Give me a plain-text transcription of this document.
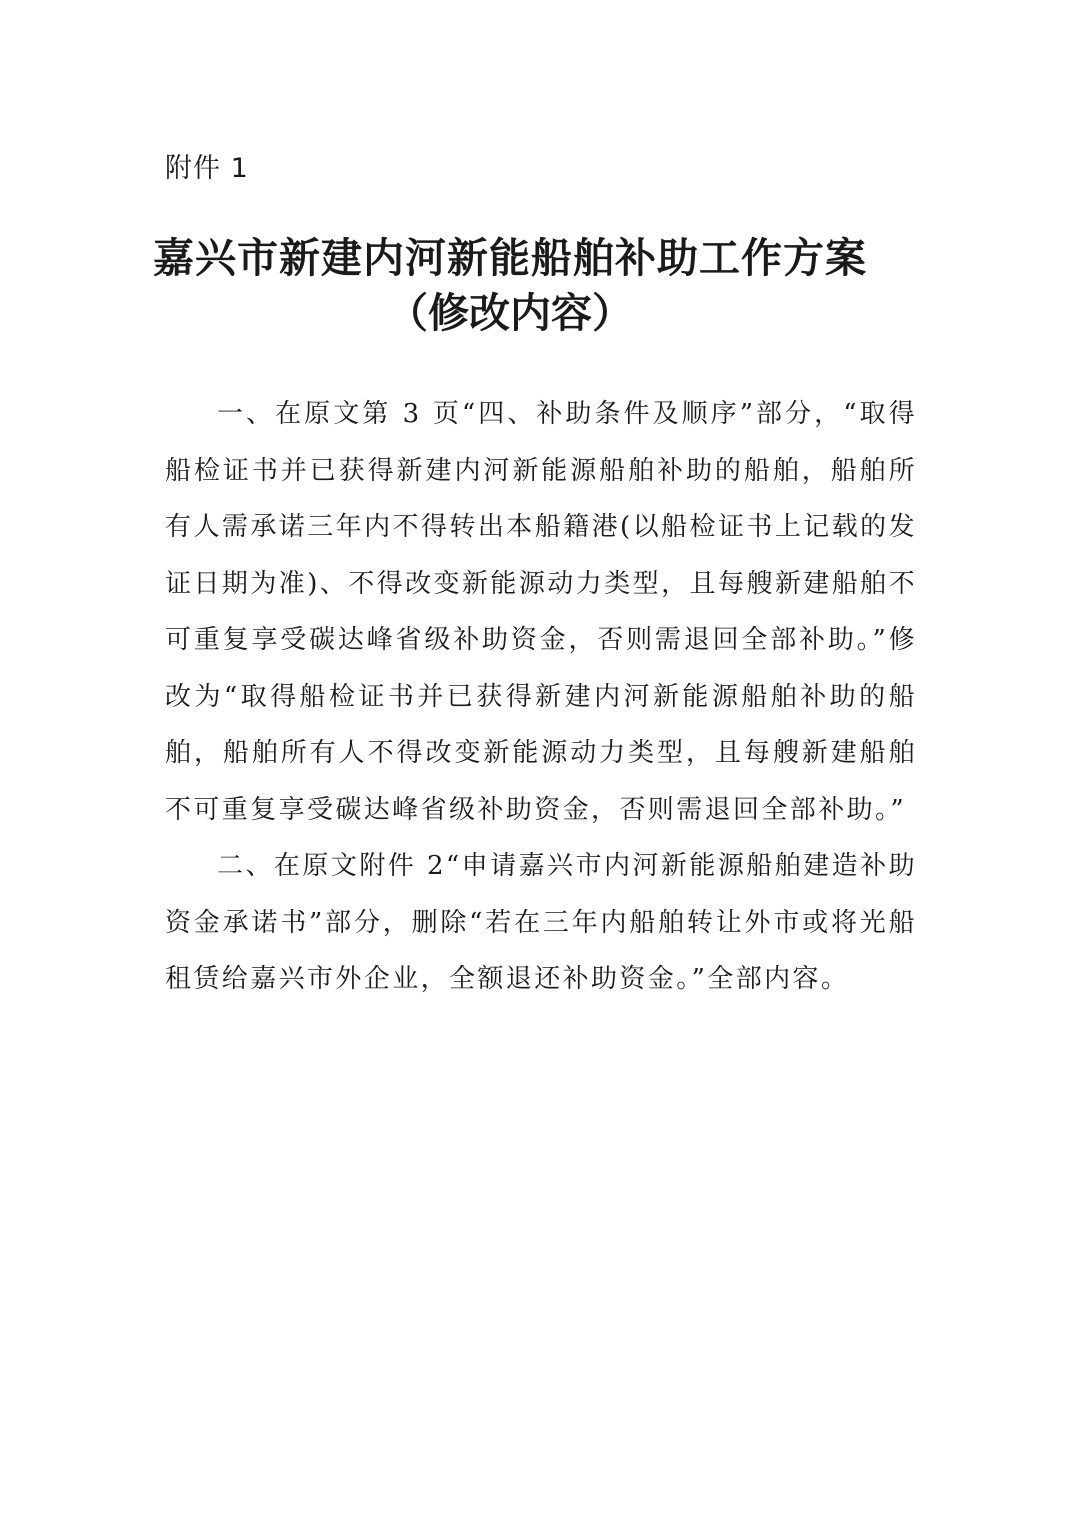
附件 1
嘉兴市新建内河新能船舶补助工作方案
（修改内容）

一、在原文第 3 页“四、补助条件及顺序”部分，“取得船检证书并已获得新建内河新能源船舶补助的船舶，船舶所有人需承诺三年内不得转出本船籍港(以船检证书上记载的发证日期为准)、不得改变新能源动力类型，且每艘新建船舶不可重复享受碳达峰省级补助资金，否则需退回全部补助。”修改为“取得船检证书并已获得新建内河新能源船舶补助的船舶，船舶所有人不得改变新能源动力类型，且每艘新建船舶不可重复享受碳达峰省级补助资金，否则需退回全部补助。”

二、在原文附件 2“申请嘉兴市内河新能源船舶建造补助资金承诺书”部分，删除“若在三年内船舶转让外市或将光船租赁给嘉兴市外企业，全额退还补助资金。”全部内容。
